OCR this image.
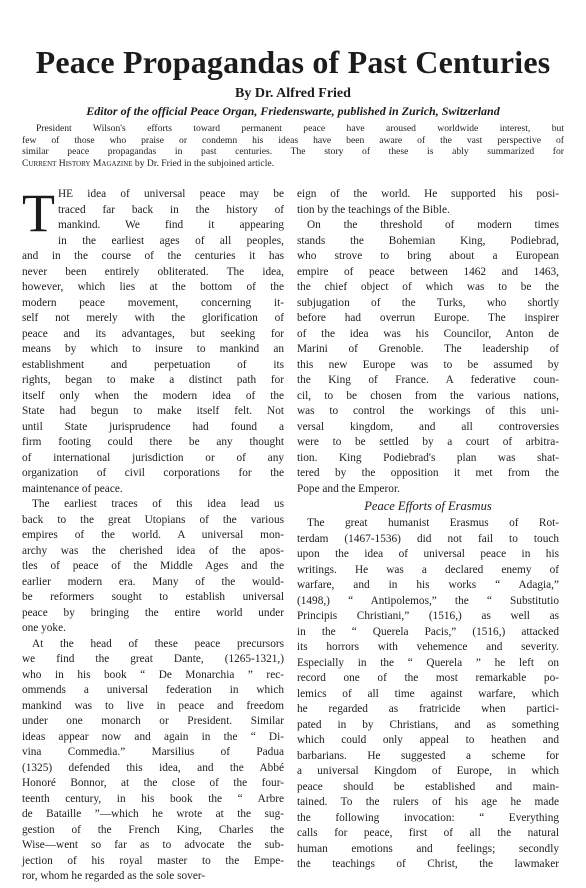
Peace Propagandas of Past Centuries
By Dr. Alfred Fried
Editor of the official Peace Organ, Friedenswarte, published in Zurich, Switzerland
President Wilson's efforts toward permanent peace have aroused worldwide interest, but
few of those who praise or condemn his ideas have been aware of the vast perspective of
similar peace propagandas in past centuries. The story of these is ably summarized for
Current History Magazine by Dr. Fried in the subjoined article.
T HE idea of universal peace may be
traced far back in the history of
mankind. We find it appearing
in the earliest ages of all peoples,
and in the course of the centuries it has
never been entirely obliterated. The idea,
however, which lies at the bottom of the
modern peace movement, concerning it-
self not merely with the glorification of
peace and its advantages, but seeking for
means by which to insure to mankind an
establishment and perpetuation of its
rights, began to make a distinct path for
itself only when the modern idea of the
State had begun to make itself felt. Not
until State jurisprudence had found a
firm footing could there be any thought
of international jurisdiction or of any
organization of civil corporations for the
maintenance of peace.
The earliest traces of this idea lead us
back to the great Utopians of the various
empires of the world. A universal mon-
archy was the cherished idea of the apos-
tles of peace of the Middle Ages and the
earlier modern era. Many of the would-
be reformers sought to establish universal
peace by bringing the entire world under
one yoke.
At the head of these peace precursors
we find the great Dante, (1265-1321,)
who in his book “ De Monarchia ” rec-
ommends a universal federation in which
mankind was to live in peace and freedom
under one monarch or President. Similar
ideas appear now and again in the “ Di-
vina Commedia.” Marsilius of Padua
(1325) defended this idea, and the Abbé
Honoré Bonnor, at the close of the four-
teenth century, in his book the “ Arbre
de Bataille ”—which he wrote at the sug-
gestion of the French King, Charles the
Wise—went so far as to advocate the sub-
jection of his royal master to the Empe-
ror, whom he regarded as the sole sover-
eign of the world. He supported his posi-
tion by the teachings of the Bible.
On the threshold of modern times
stands the Bohemian King, Podiebrad,
who strove to bring about a European
empire of peace between 1462 and 1463,
the chief object of which was to be the
subjugation of the Turks, who shortly
before had overrun Europe. The inspirer
of the idea was his Councilor, Anton de
Marini of Grenoble. The leadership of
this new Europe was to be assumed by
the King of France. A federative coun-
cil, to be chosen from the various nations,
was to control the workings of this uni-
versal kingdom, and all controversies
were to be settled by a court of arbitra-
tion. King Podiebrad's plan was shat-
tered by the opposition it met from the
Pope and the Emperor.
Peace Efforts of Erasmus
The great humanist Erasmus of Rot-
terdam (1467-1536) did not fail to touch
upon the idea of universal peace in his
writings. He was a declared enemy of
warfare, and in his works “ Adagia,”
(1498,) “ Antipolemos,” the “ Substitutio
Principis Christiani,” (1516,) as well as
in the “ Querela Pacis,” (1516,) attacked
its horrors with vehemence and severity.
Especially in the “ Querela ” he left on
record one of the most remarkable po-
lemics of all time against warfare, which
he regarded as fratricide when partici-
pated in by Christians, and as something
which could only appeal to heathen and
barbarians. He suggested a scheme for
a universal Kingdom of Europe, in which
peace should be established and main-
tained. To the rulers of his age he made
the following invocation: “ Everything
calls for peace, first of all the natural
human emotions and feelings; secondly
the teachings of Christ, the lawmaker
